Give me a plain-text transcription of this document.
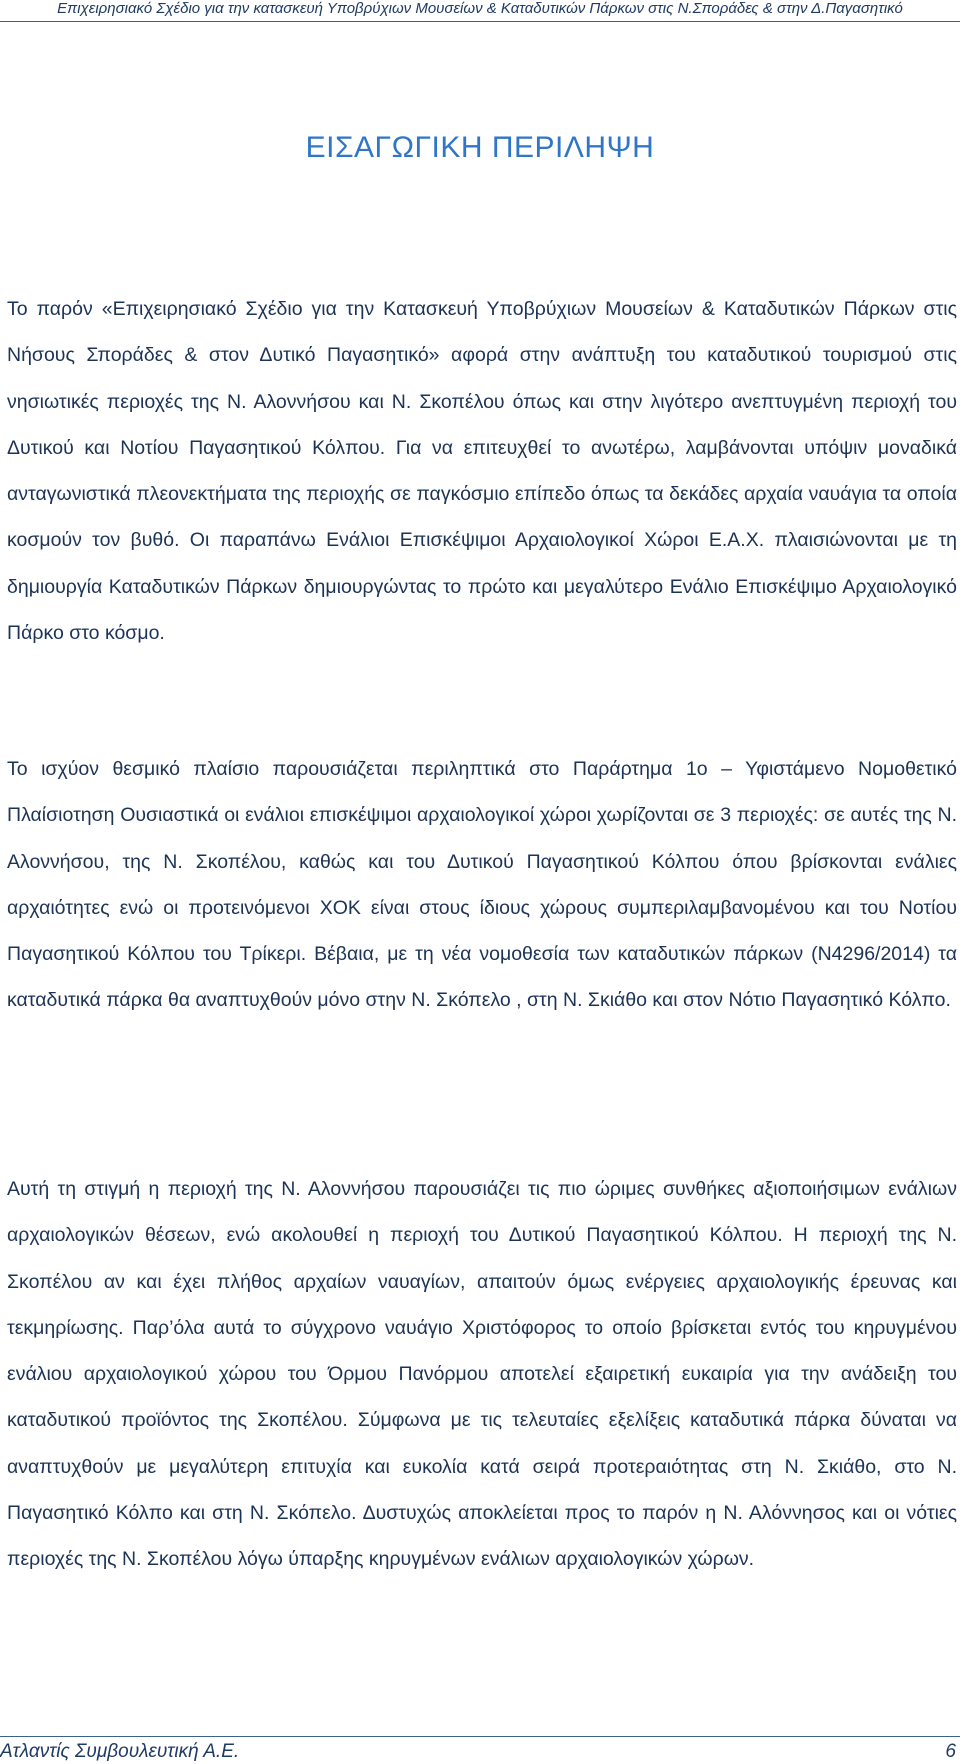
Επιχειρησιακό Σχέδιο για την κατασκευή Υποβρύχιων Μουσείων & Καταδυτικών Πάρκων στις Ν.Σποράδες & στην Δ.Παγασητικό
ΕΙΣΑΓΩΓΙΚΗ ΠΕΡΙΛΗΨΗ

Το παρόν «Επιχειρησιακό Σχέδιο για την Κατασκευή Υποβρύχιων Μουσείων & Καταδυτικών Πάρκων στις Νήσους Σποράδες & στον Δυτικό Παγασητικό» αφορά στην ανάπτυξη του καταδυτικού τουρισμού στις νησιωτικές περιοχές της Ν. Αλοννήσου και Ν. Σκοπέλου όπως και στην λιγότερο ανεπτυγμένη περιοχή του Δυτικού και Νοτίου Παγασητικού Κόλπου. Για να επιτευχθεί το ανωτέρω, λαμβάνονται υπόψιν μοναδικά ανταγωνιστικά πλεονεκτήματα της περιοχής σε παγκόσμιο επίπεδο όπως τα δεκάδες αρχαία ναυάγια τα οποία κοσμούν τον βυθό. Οι παραπάνω Ενάλιοι Επισκέψιμοι Αρχαιολογικοί Χώροι Ε.Α.Χ. πλαισιώνονται με τη δημιουργία Καταδυτικών Πάρκων δημιουργώντας το πρώτο και μεγαλύτερο Ενάλιο Επισκέψιμο Αρχαιολογικό Πάρκο στο κόσμο.

Το ισχύον θεσμικό πλαίσιο παρουσιάζεται περιληπτικά στο Παράρτημα 1ο – Υφιστάμενο Νομοθετικό Πλαίσιοτηση Ουσιαστικά οι ενάλιοι επισκέψιμοι αρχαιολογικοί χώροι χωρίζονται σε 3 περιοχές: σε αυτές της Ν. Αλοννήσου, της Ν. Σκοπέλου, καθώς και του Δυτικού Παγασητικού Κόλπου όπου βρίσκονται ενάλιες αρχαιότητες ενώ οι προτεινόμενοι ΧΟΚ είναι στους ίδιους χώρους συμπεριλαμβανομένου και του Νοτίου Παγασητικού Κόλπου του Τρίκερι. Βέβαια, με τη νέα νομοθεσία των καταδυτικών πάρκων (Ν4296/2014) τα καταδυτικά πάρκα θα αναπτυχθούν μόνο στην Ν. Σκόπελο , στη Ν. Σκιάθο και στον Νότιο Παγασητικό Κόλπο.

Αυτή τη στιγμή η περιοχή της Ν. Αλοννήσου παρουσιάζει τις πιο ώριμες συνθήκες αξιοποιήσιμων ενάλιων αρχαιολογικών θέσεων, ενώ ακολουθεί η περιοχή του Δυτικού Παγασητικού Κόλπου. Η περιοχή της Ν. Σκοπέλου αν και έχει πλήθος αρχαίων ναυαγίων, απαιτούν όμως ενέργειες αρχαιολογικής έρευνας και τεκμηρίωσης. Παρ’όλα αυτά το σύγχρονο ναυάγιο Χριστόφορος το οποίο βρίσκεται εντός του κηρυγμένου ενάλιου αρχαιολογικού χώρου του Όρμου Πανόρμου αποτελεί εξαιρετική ευκαιρία για την ανάδειξη του καταδυτικού προϊόντος της Σκοπέλου. Σύμφωνα με τις τελευταίες εξελίξεις καταδυτικά πάρκα δύναται να αναπτυχθούν με μεγαλύτερη επιτυχία και ευκολία κατά σειρά προτεραιότητας στη Ν. Σκιάθο, στο Ν. Παγασητικό Κόλπο και στη Ν. Σκόπελο. Δυστυχώς αποκλείεται προς το παρόν η Ν. Αλόννησος και οι νότιες περιοχές της Ν. Σκοπέλου λόγω ύπαρξης κηρυγμένων ενάλιων αρχαιολογικών χώρων.

Ατλαντίς Συμβουλευτική Α.Ε.	6
